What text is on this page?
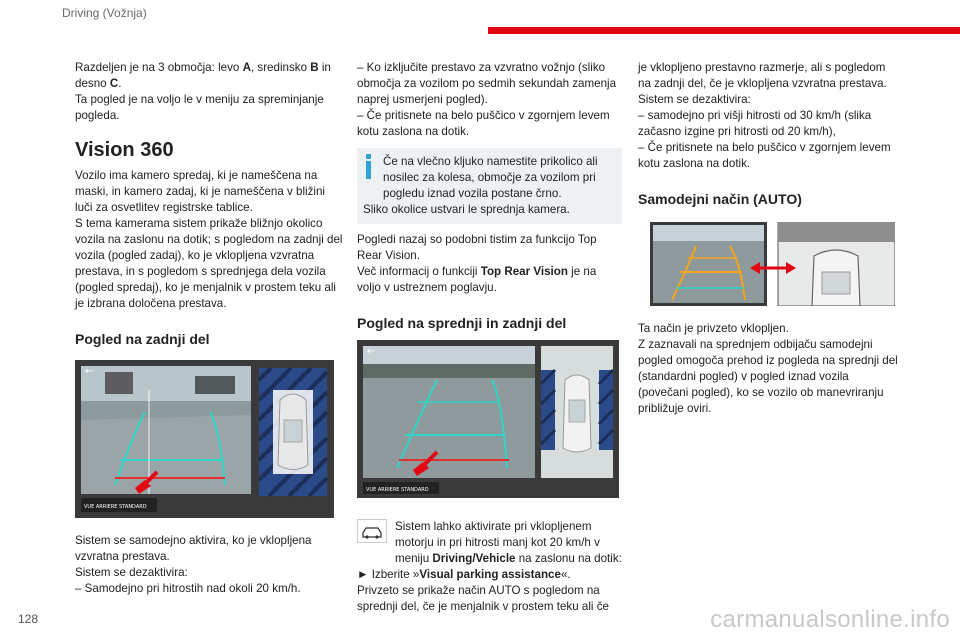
Driving (Vožnja)

Razdeljen je na 3 območja: levo A, sredinsko B in desno C.

Ta pogled je na voljo le v meniju za spreminjanje pogleda.

Vision 360

Vozilo ima kamero spredaj, ki je nameščena na maski, in kamero zadaj, ki je nameščena v bližini luči za osvetlitev registrske tablice.

S tema kamerama sistem prikaže bližnjo okolico vozila na zaslonu na dotik; s pogledom na zadnji del vozila (pogled zadaj), ko je vklopljena vzvratna prestava, in s pogledom s sprednjega dela vozila (pogled spredaj), ko je menjalnik v prostem teku ali je izbrana določena prestava.

Pogled na zadnji del
←
VUE ARRIERE STANDARD

Sistem se samodejno aktivira, ko je vklopljena vzvratna prestava.

Sistem se dezaktivira:

– Samodejno pri hitrostih nad okoli 20 km/h.

– Ko izključite prestavo za vzvratno vožnjo (sliko območja za vozilom po sedmih sekundah zamenja naprej usmerjeni pogled).

– Če pritisnete na belo puščico v zgornjem levem kotu zaslona na dotik.

Če na vlečno kljuko namestite prikolico ali nosilec za kolesa, območje za vozilom pri pogledu iznad vozila postane črno.

Sliko okolice ustvari le sprednja kamera.

Pogledi nazaj so podobni tistim za funkcijo Top Rear Vision.

Več informacij o funkciji Top Rear Vision je na voljo v ustreznem poglavju.

Pogled na sprednji in zadnji del
←
VUE ARRIERE STANDARD

Sistem lahko aktivirate pri vklopljenem motorju in pri hitrosti manj kot 20 km/h v meniju Driving/Vehicle na zaslonu na dotik:

► Izberite »Visual parking assistance«.

Privzeto se prikaže način AUTO s pogledom na sprednji del, če je menjalnik v prostem teku ali če

je vklopljeno prestavno razmerje, ali s pogledom na zadnji del, če je vklopljena vzvratna prestava.

Sistem se dezaktivira:

– samodejno pri višji hitrosti od 30 km/h (slika začasno izgine pri hitrosti od 20 km/h),

– Če pritisnete na belo puščico v zgornjem levem kotu zaslona na dotik.

Samodejni način (AUTO)

Ta način je privzeto vklopljen.

Z zaznavali na sprednjem odbijaču samodejni pogled omogoča prehod iz pogleda na sprednji del (standardni pogled) v pogled iznad vozila (povečani pogled), ko se vozilo ob manevriranju približuje oviri.

128	carmanualsonline.info
